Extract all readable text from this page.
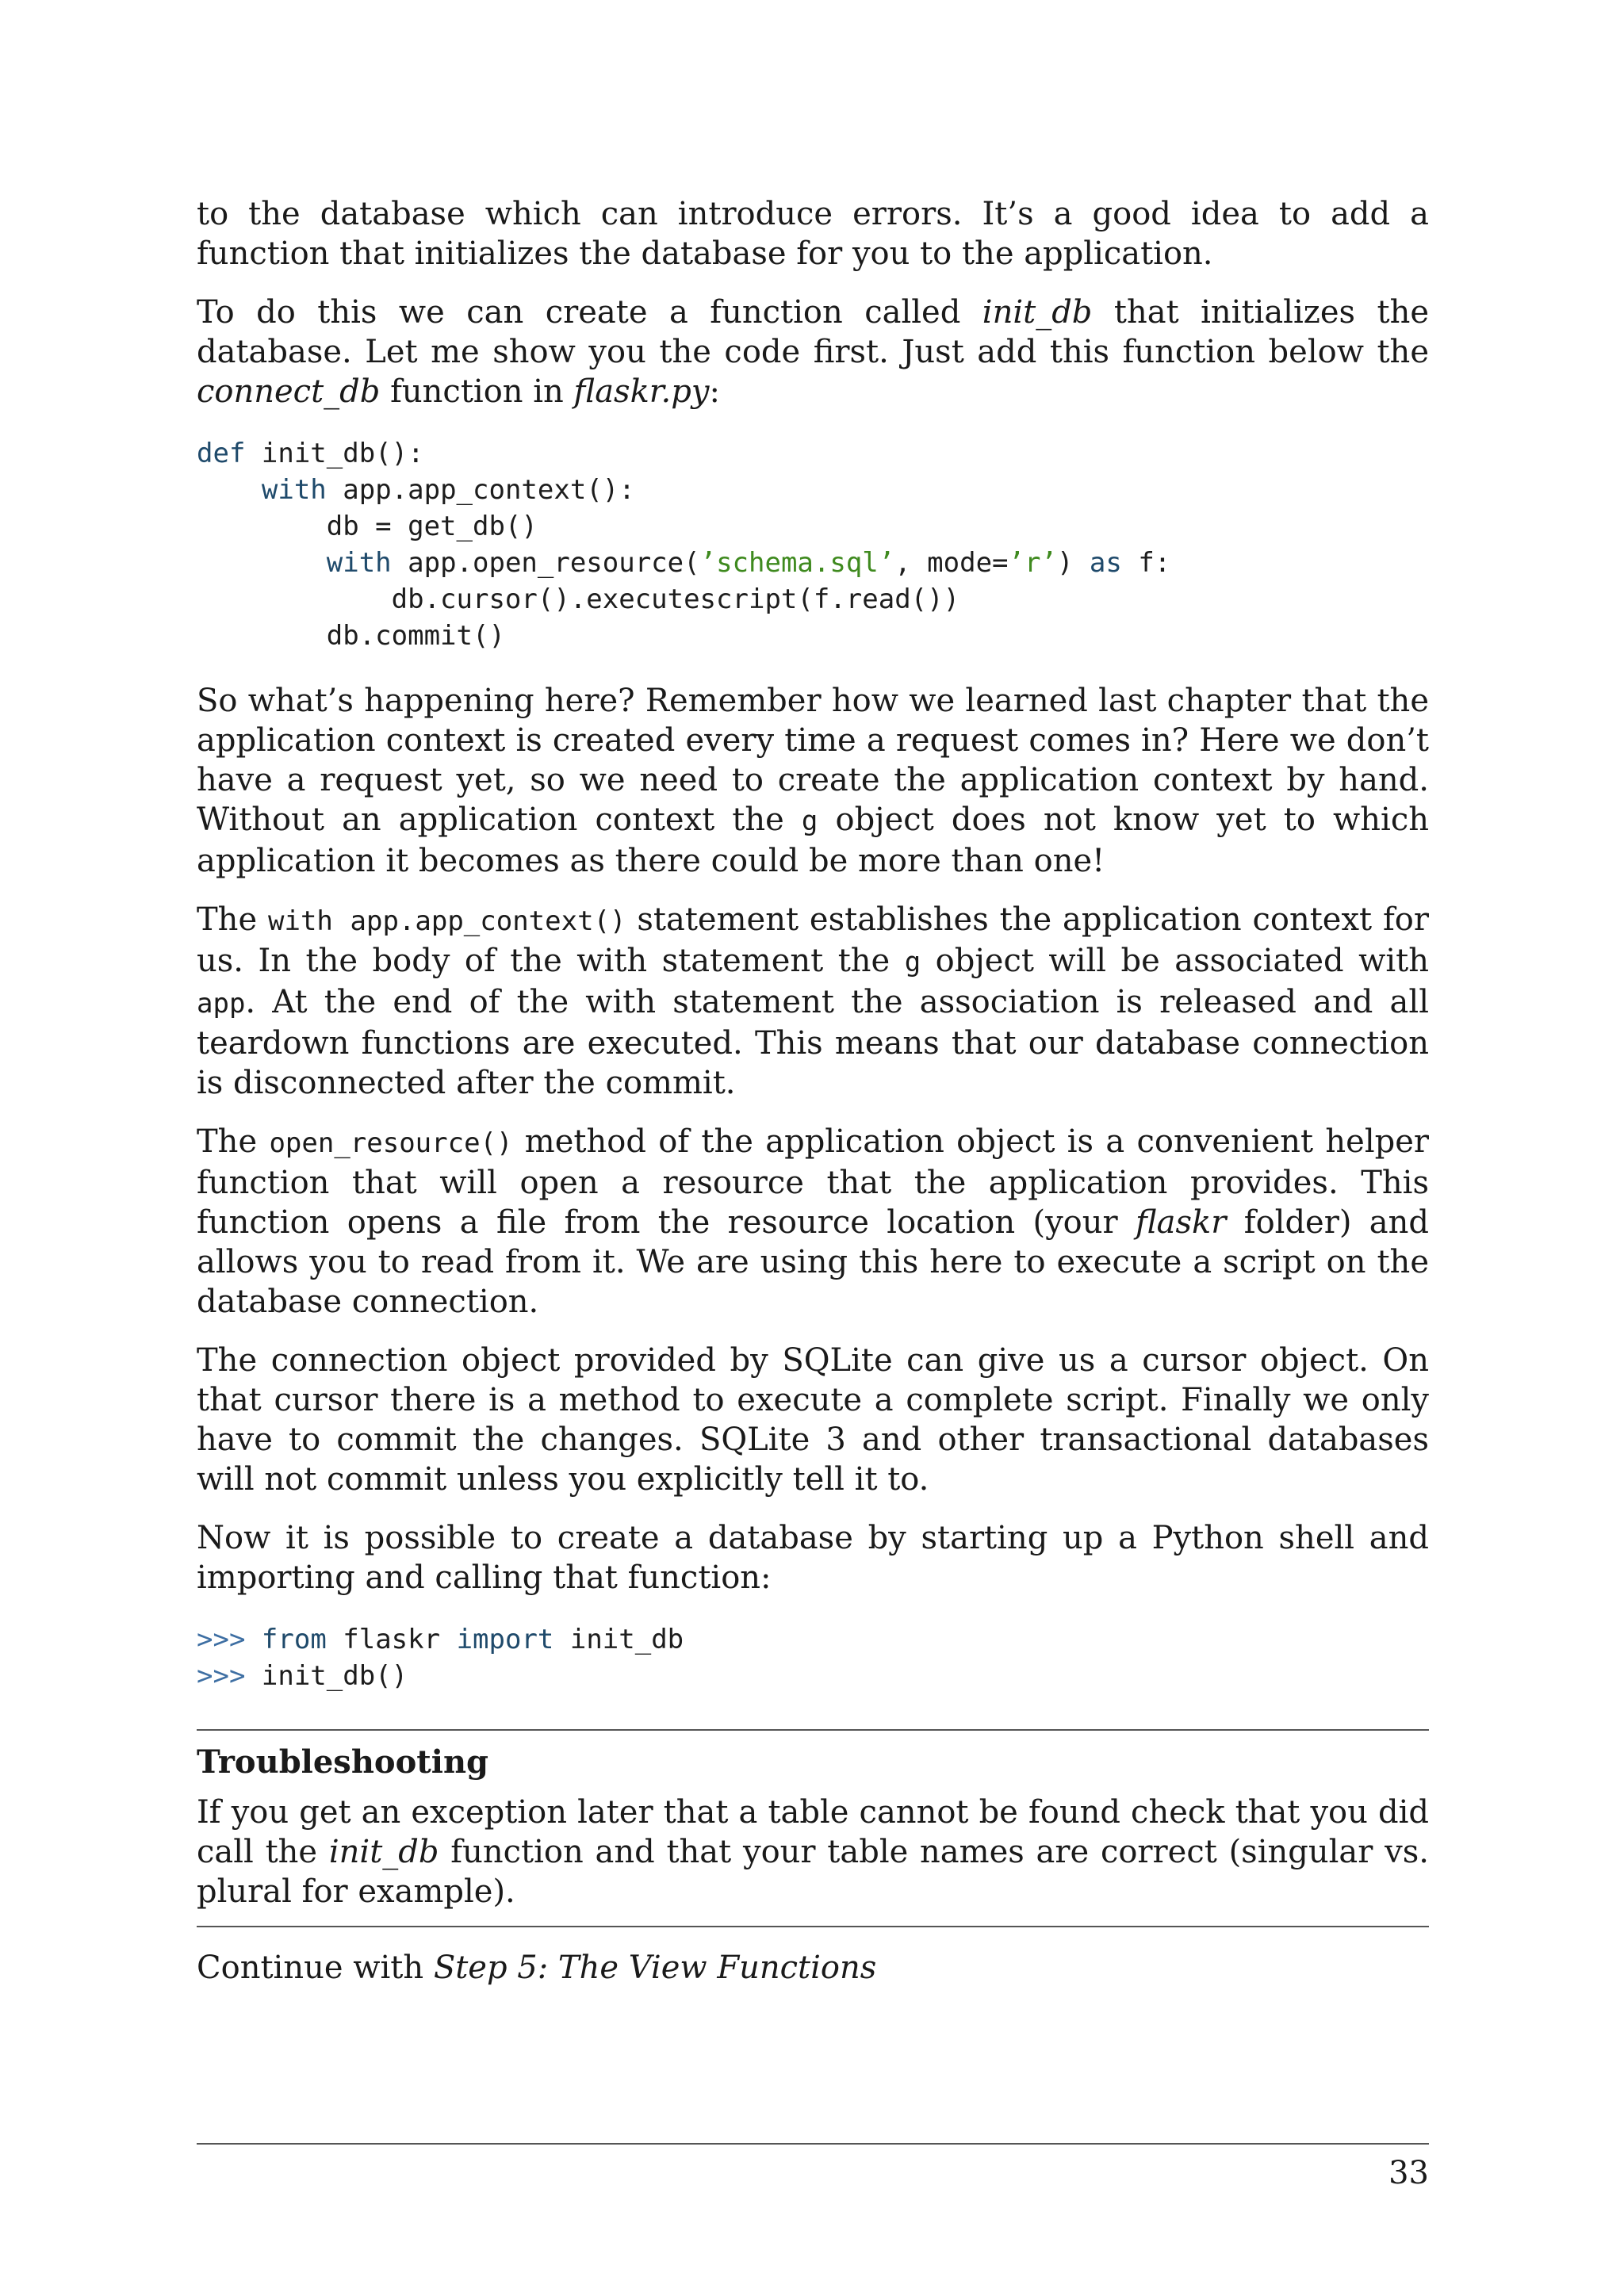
to the database which can introduce errors. It’s a good idea to add a function that initializes the database for you to the application.

To do this we can create a function called init_db that initializes the database. Let me show you the code first. Just add this function below the connect_db function in flaskr.py:

def init_db():
with app.app_context():
db = get_db()
with app.open_resource(’schema.sql’, mode=’r’) as f:
db.cursor().executescript(f.read())
db.commit()

So what’s happening here? Remember how we learned last chapter that the application context is created every time a request comes in? Here we don’t have a request yet, so we need to create the application context by hand. Without an application context the g object does not know yet to which application it becomes as there could be more than one!

The with app.app_context() statement establishes the application context for us. In the body of the with statement the g object will be associated with app. At the end of the with statement the association is released and all teardown functions are executed. This means that our database connection is disconnected after the commit.

The open_resource() method of the application object is a convenient helper function that will open a resource that the application provides. This function opens a file from the resource location (your flaskr folder) and allows you to read from it. We are using this here to execute a script on the database connection.

The connection object provided by SQLite can give us a cursor object. On that cursor there is a method to execute a complete script. Finally we only have to commit the changes. SQLite 3 and other transactional databases will not commit unless you explicitly tell it to.

Now it is possible to create a database by starting up a Python shell and importing and calling that function:

>>> from flaskr import init_db
>>> init_db()
Troubleshooting

If you get an exception later that a table cannot be found check that you did call the init_db function and that your table names are correct (singular vs. plural for example).

Continue with Step 5: The View Functions

33
